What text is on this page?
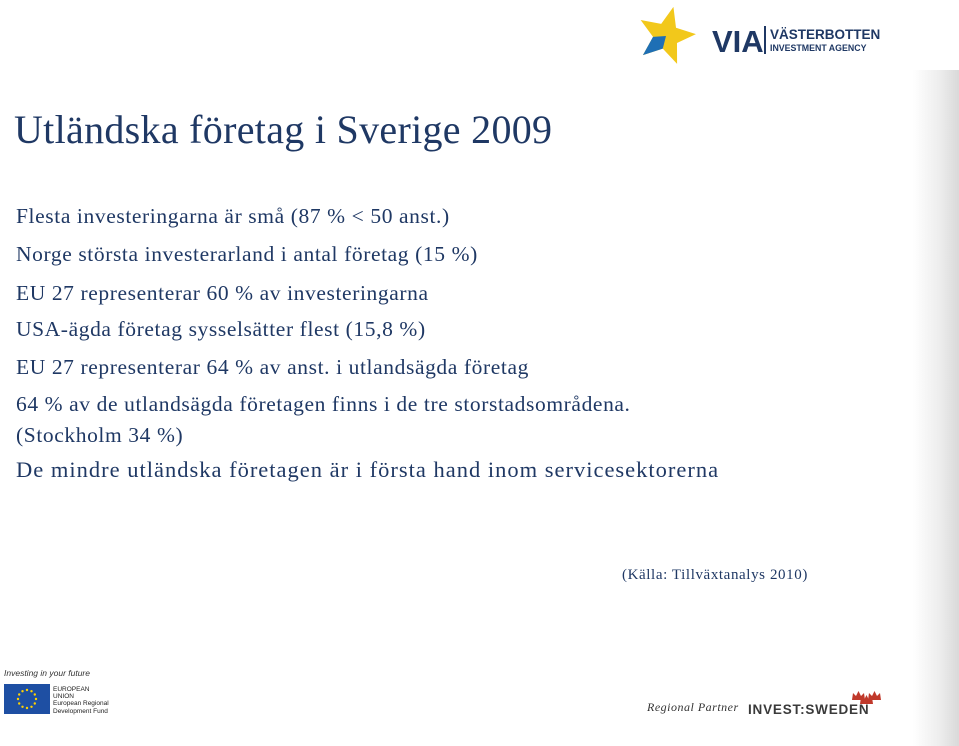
VIA VÄSTERBOTTEN
INVESTMENT AGENCY
Utländska företag i Sverige 2009
Flesta investeringarna är små (87 % < 50 anst.)
Norge största investerarland i antal företag (15 %)
EU 27 representerar 60 % av investeringarna
USA-ägda företag sysselsätter flest (15,8 %)
EU 27 representerar 64 % av anst. i utlandsägda företag
64 % av de utlandsägda företagen finns i de tre storstadsområdena.
(Stockholm 34 %)
De mindre utländska företagen är i första hand inom servicesektorerna
(Källa: Tillväxtanalys 2010)
Investing in your future
EUROPEAN
UNION
European Regional
Development Fund	Regional Partner INVEST:SWEDEN
